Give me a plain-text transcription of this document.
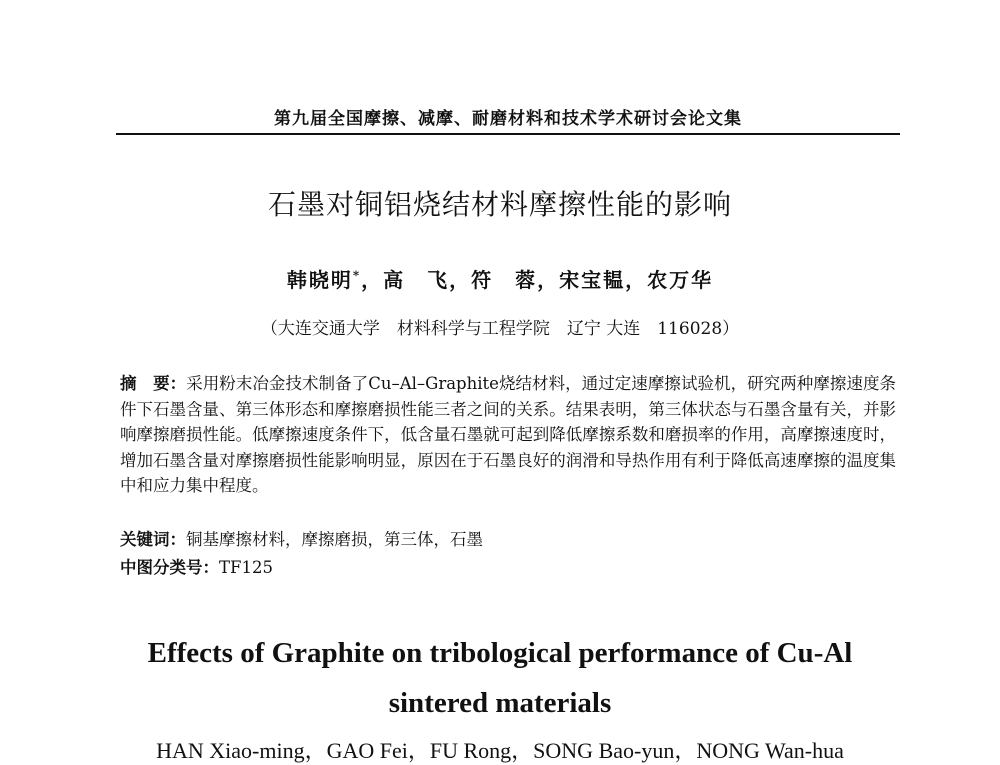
第九届全国摩擦、减摩、耐磨材料和技术学术研讨会论文集
石墨对铜铝烧结材料摩擦性能的影响
韩晓明*，高　飞，符　蓉，宋宝韫，农万华
（大连交通大学　材料科学与工程学院　辽宁 大连　116028）
摘　要：采用粉末冶金技术制备了Cu–Al–Graphite烧结材料，通过定速摩擦试验机，研究两种摩擦速度条件下石墨含量、第三体形态和摩擦磨损性能三者之间的关系。结果表明，第三体状态与石墨含量有关，并影响摩擦磨损性能。低摩擦速度条件下，低含量石墨就可起到降低摩擦系数和磨损率的作用，高摩擦速度时，增加石墨含量对摩擦磨损性能影响明显，原因在于石墨良好的润滑和导热作用有利于降低高速摩擦的温度集中和应力集中程度。
关键词：铜基摩擦材料，摩擦磨损，第三体，石墨
中图分类号：TF125
Effects of Graphite on tribological performance of Cu-Al
sintered materials
HAN Xiao-ming，GAO Fei，FU Rong，SONG Bao-yun，NONG Wan-hua
